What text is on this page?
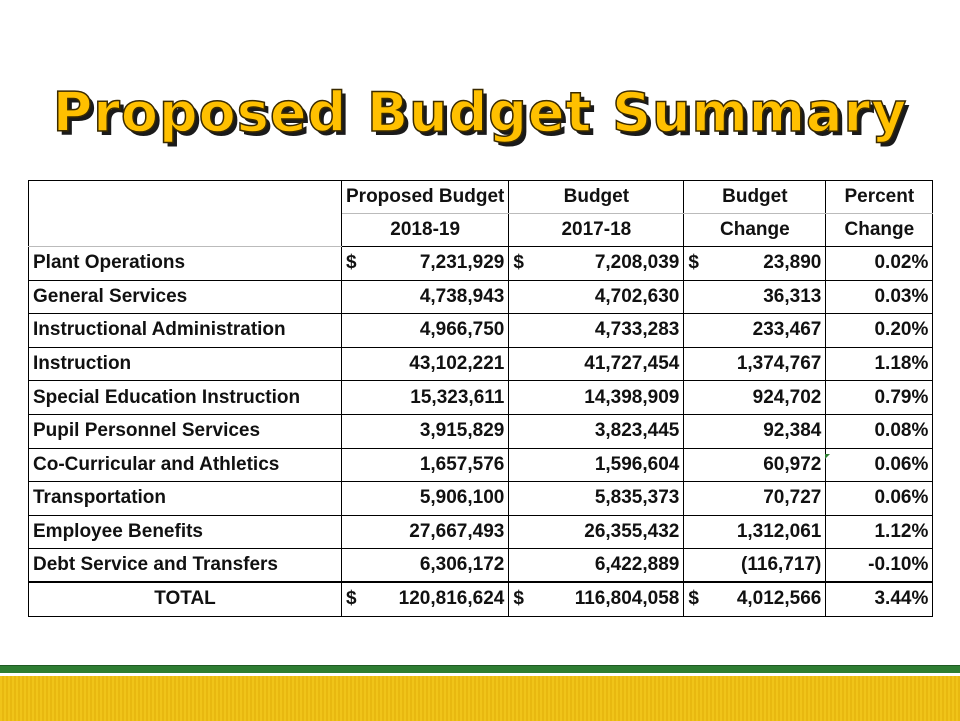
Proposed Budget Summary
	Proposed Budget	Budget	Budget	Percent
	2018-19	2017-18	Change	Change
Plant Operations	$ 7,231,929	$ 7,208,039	$ 23,890	0.02%
General Services	4,738,943	4,702,630	36,313	0.03%
Instructional Administration	4,966,750	4,733,283	233,467	0.20%
Instruction	43,102,221	41,727,454	1,374,767	1.18%
Special Education Instruction	15,323,611	14,398,909	924,702	0.79%
Pupil Personnel Services	3,915,829	3,823,445	92,384	0.08%
Co-Curricular and Athletics	1,657,576	1,596,604	60,972	0.06%
Transportation	5,906,100	5,835,373	70,727	0.06%
Employee Benefits	27,667,493	26,355,432	1,312,061	1.12%
Debt Service and Transfers	6,306,172	6,422,889	(116,717)	-0.10%
TOTAL	$ 120,816,624	$ 116,804,058	$ 4,012,566	3.44%
